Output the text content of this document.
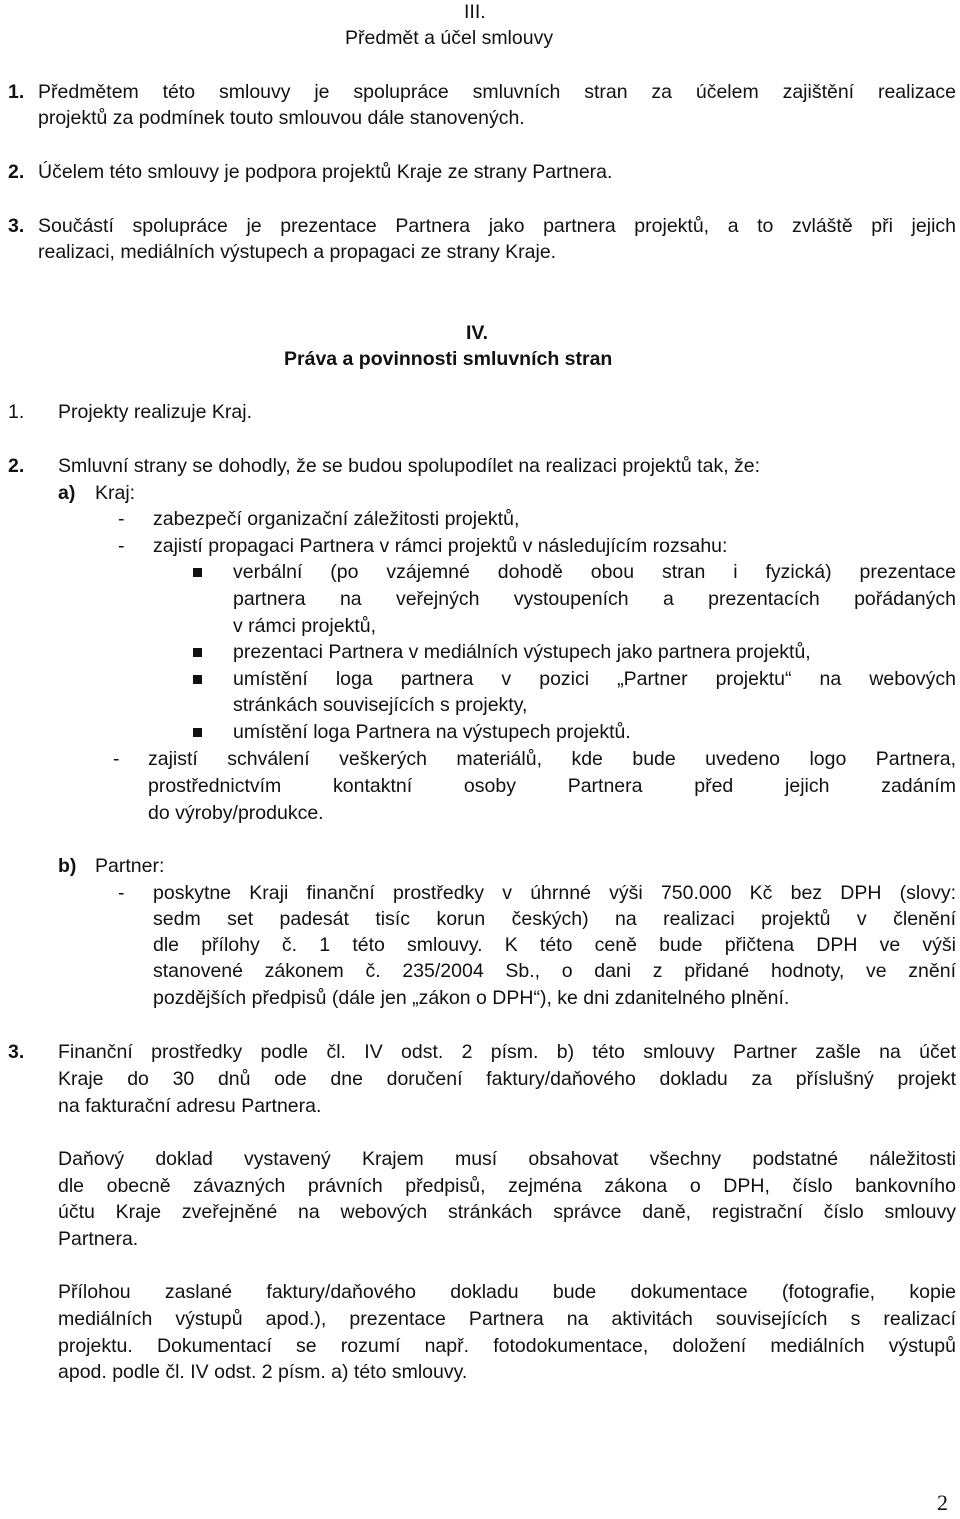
III.
Předmět a účel smlouvy
1. Předmětem této smlouvy je spolupráce smluvních stran za účelem zajištění realizace
projektů za podmínek touto smlouvou dále stanovených.
2. Účelem této smlouvy je podpora projektů Kraje ze strany Partnera.
3. Součástí spolupráce je prezentace Partnera jako partnera projektů, a to zvláště při jejich
realizaci, mediálních výstupech a propagaci ze strany Kraje.
IV.
Práva a povinnosti smluvních stran
1. Projekty realizuje Kraj.
2. Smluvní strany se dohodly, že se budou spolupodílet na realizaci projektů tak, že:
a) Kraj:
- zabezpečí organizační záležitosti projektů,
- zajistí propagaci Partnera v rámci projektů v následujícím rozsahu:
verbální (po vzájemné dohodě obou stran i fyzická) prezentace
partnera na veřejných vystoupeních a prezentacích pořádaných
v rámci projektů,
prezentaci Partnera v mediálních výstupech jako partnera projektů,
umístění loga partnera v pozici „Partner projektu“ na webových
stránkách souvisejících s projekty,
umístění loga Partnera na výstupech projektů.
- zajistí schválení veškerých materiálů, kde bude uvedeno logo Partnera,
prostřednictvím kontaktní osoby Partnera před jejich zadáním
do výroby/produkce.
b) Partner:
- poskytne Kraji finanční prostředky v úhrnné výši 750.000 Kč bez DPH (slovy:
sedm set padesát tisíc korun českých) na realizaci projektů v členění
dle přílohy č. 1 této smlouvy. K této ceně bude přičtena DPH ve výši
stanovené zákonem č. 235/2004 Sb., o dani z přidané hodnoty, ve znění
pozdějších předpisů (dále jen „zákon o DPH“), ke dni zdanitelného plnění.
3. Finanční prostředky podle čl. IV odst. 2 písm. b) této smlouvy Partner zašle na účet
Kraje do 30 dnů ode dne doručení faktury/daňového dokladu za příslušný projekt
na fakturační adresu Partnera.
Daňový doklad vystavený Krajem musí obsahovat všechny podstatné náležitosti
dle obecně závazných právních předpisů, zejména zákona o DPH, číslo bankovního
účtu Kraje zveřejněné na webových stránkách správce daně, registrační číslo smlouvy
Partnera.
Přílohou zaslané faktury/daňového dokladu bude dokumentace (fotografie, kopie
mediálních výstupů apod.), prezentace Partnera na aktivitách souvisejících s realizací
projektu. Dokumentací se rozumí např. fotodokumentace, doložení mediálních výstupů
apod. podle čl. IV odst. 2 písm. a) této smlouvy.
2
